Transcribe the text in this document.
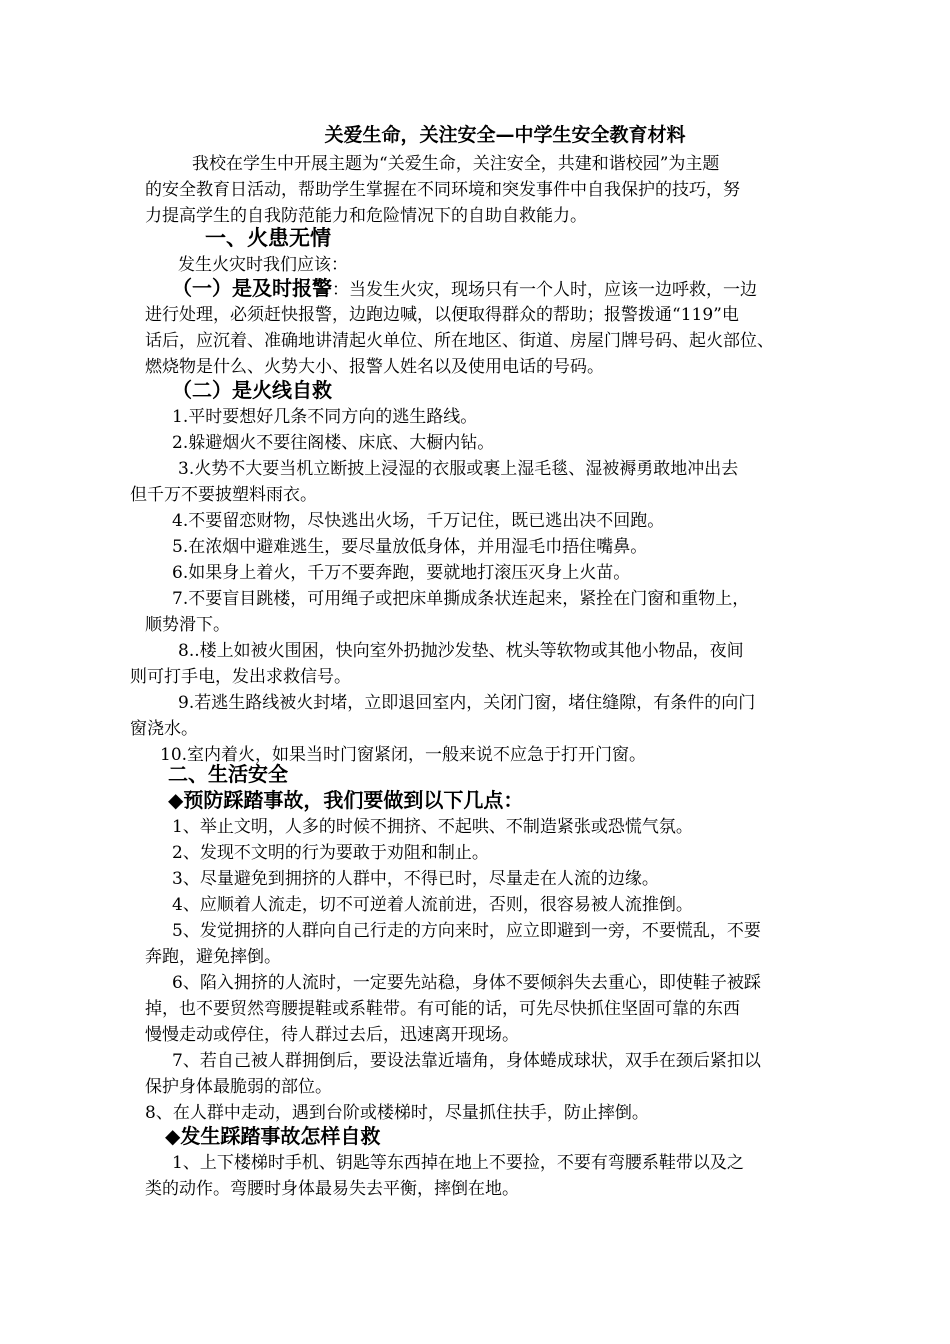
关爱生命，关注安全—中学生安全教育材料
我校在学生中开展主题为“关爱生命，关注安全，共建和谐校园”为主题
的安全教育日活动，帮助学生掌握在不同环境和突发事件中自我保护的技巧，努
力提高学生的自我防范能力和危险情况下的自助自救能力。
一、火患无情
发生火灾时我们应该：
（一）是及时报警：当发生火灾，现场只有一个人时，应该一边呼救，一边
进行处理，必须赶快报警，边跑边喊，以便取得群众的帮助；报警拨通“119”电
话后，应沉着、准确地讲清起火单位、所在地区、街道、房屋门牌号码、起火部位、
燃烧物是什么、火势大小、报警人姓名以及使用电话的号码。
（二）是火线自救
1.平时要想好几条不同方向的逃生路线。
2.躲避烟火不要往阁楼、床底、大橱内钻。
3.火势不大要当机立断披上浸湿的衣服或裹上湿毛毯、湿被褥勇敢地冲出去
但千万不要披塑料雨衣。
4.不要留恋财物，尽快逃出火场，千万记住，既已逃出决不回跑。
5.在浓烟中避难逃生，要尽量放低身体，并用湿毛巾捂住嘴鼻。
6.如果身上着火，千万不要奔跑，要就地打滚压灭身上火苗。
7.不要盲目跳楼，可用绳子或把床单撕成条状连起来，紧拴在门窗和重物上，
顺势滑下。
8..楼上如被火围困，快向室外扔抛沙发垫、枕头等软物或其他小物品，夜间
则可打手电，发出求救信号。
9.若逃生路线被火封堵，立即退回室内，关闭门窗，堵住缝隙，有条件的向门
窗浇水。
10.室内着火，如果当时门窗紧闭，一般来说不应急于打开门窗。
二、生活安全
◆预防踩踏事故，我们要做到以下几点：
1、举止文明，人多的时候不拥挤、不起哄、不制造紧张或恐慌气氛。
2、发现不文明的行为要敢于劝阻和制止。
3、尽量避免到拥挤的人群中，不得已时，尽量走在人流的边缘。
4、应顺着人流走，切不可逆着人流前进，否则，很容易被人流推倒。
5、发觉拥挤的人群向自己行走的方向来时，应立即避到一旁，不要慌乱，不要
奔跑，避免摔倒。
6、陷入拥挤的人流时，一定要先站稳，身体不要倾斜失去重心，即使鞋子被踩
掉，也不要贸然弯腰提鞋或系鞋带。有可能的话，可先尽快抓住坚固可靠的东西
慢慢走动或停住，待人群过去后，迅速离开现场。
7、若自己被人群拥倒后，要设法靠近墙角，身体蜷成球状，双手在颈后紧扣以
保护身体最脆弱的部位。
8、在人群中走动，遇到台阶或楼梯时，尽量抓住扶手，防止摔倒。
◆发生踩踏事故怎样自救
1、上下楼梯时手机、钥匙等东西掉在地上不要捡，不要有弯腰系鞋带以及之
类的动作。弯腰时身体最易失去平衡，摔倒在地。
